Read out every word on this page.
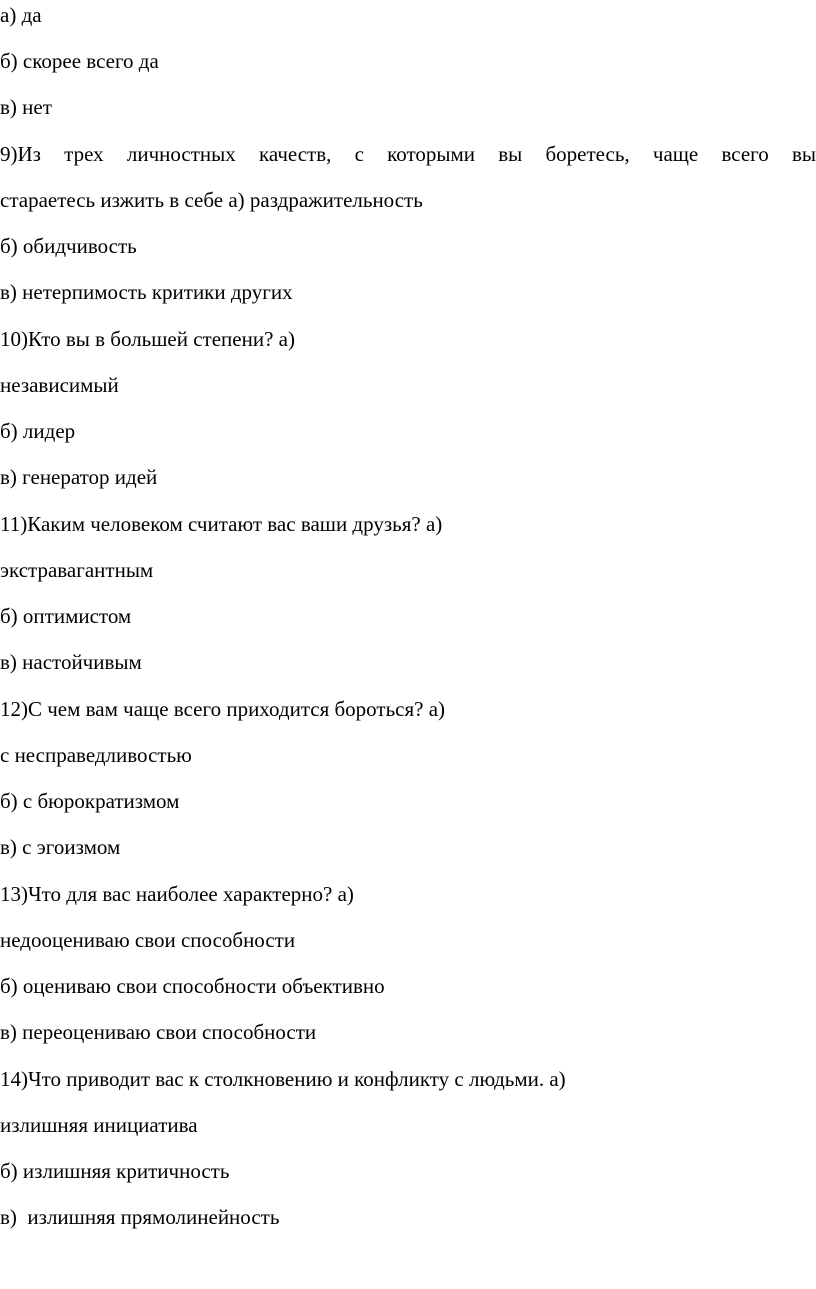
а) да
б) скорее всего да
в) нет
9)Из трех личностных качеств, с которыми вы боретесь, чаще всего вы
стараетесь изжить в себе а) раздражительность
б) обидчивость
в) нетерпимость критики других
10)Кто вы в большей степени? а)
независимый
б) лидер
в) генератор идей
11)Каким человеком считают вас ваши друзья? а)
экстравагантным
б) оптимистом
в) настойчивым
12)С чем вам чаще всего приходится бороться? а)
с несправедливостью
б) с бюрократизмом
в) с эгоизмом
13)Что для вас наиболее характерно? а)
недооцениваю свои способности
б) оцениваю свои способности объективно
в) переоцениваю свои способности
14)Что приводит вас к столкновению и конфликту с людьми. а)
излишняя инициатива
б) излишняя критичность
в)  излишняя прямолинейность
